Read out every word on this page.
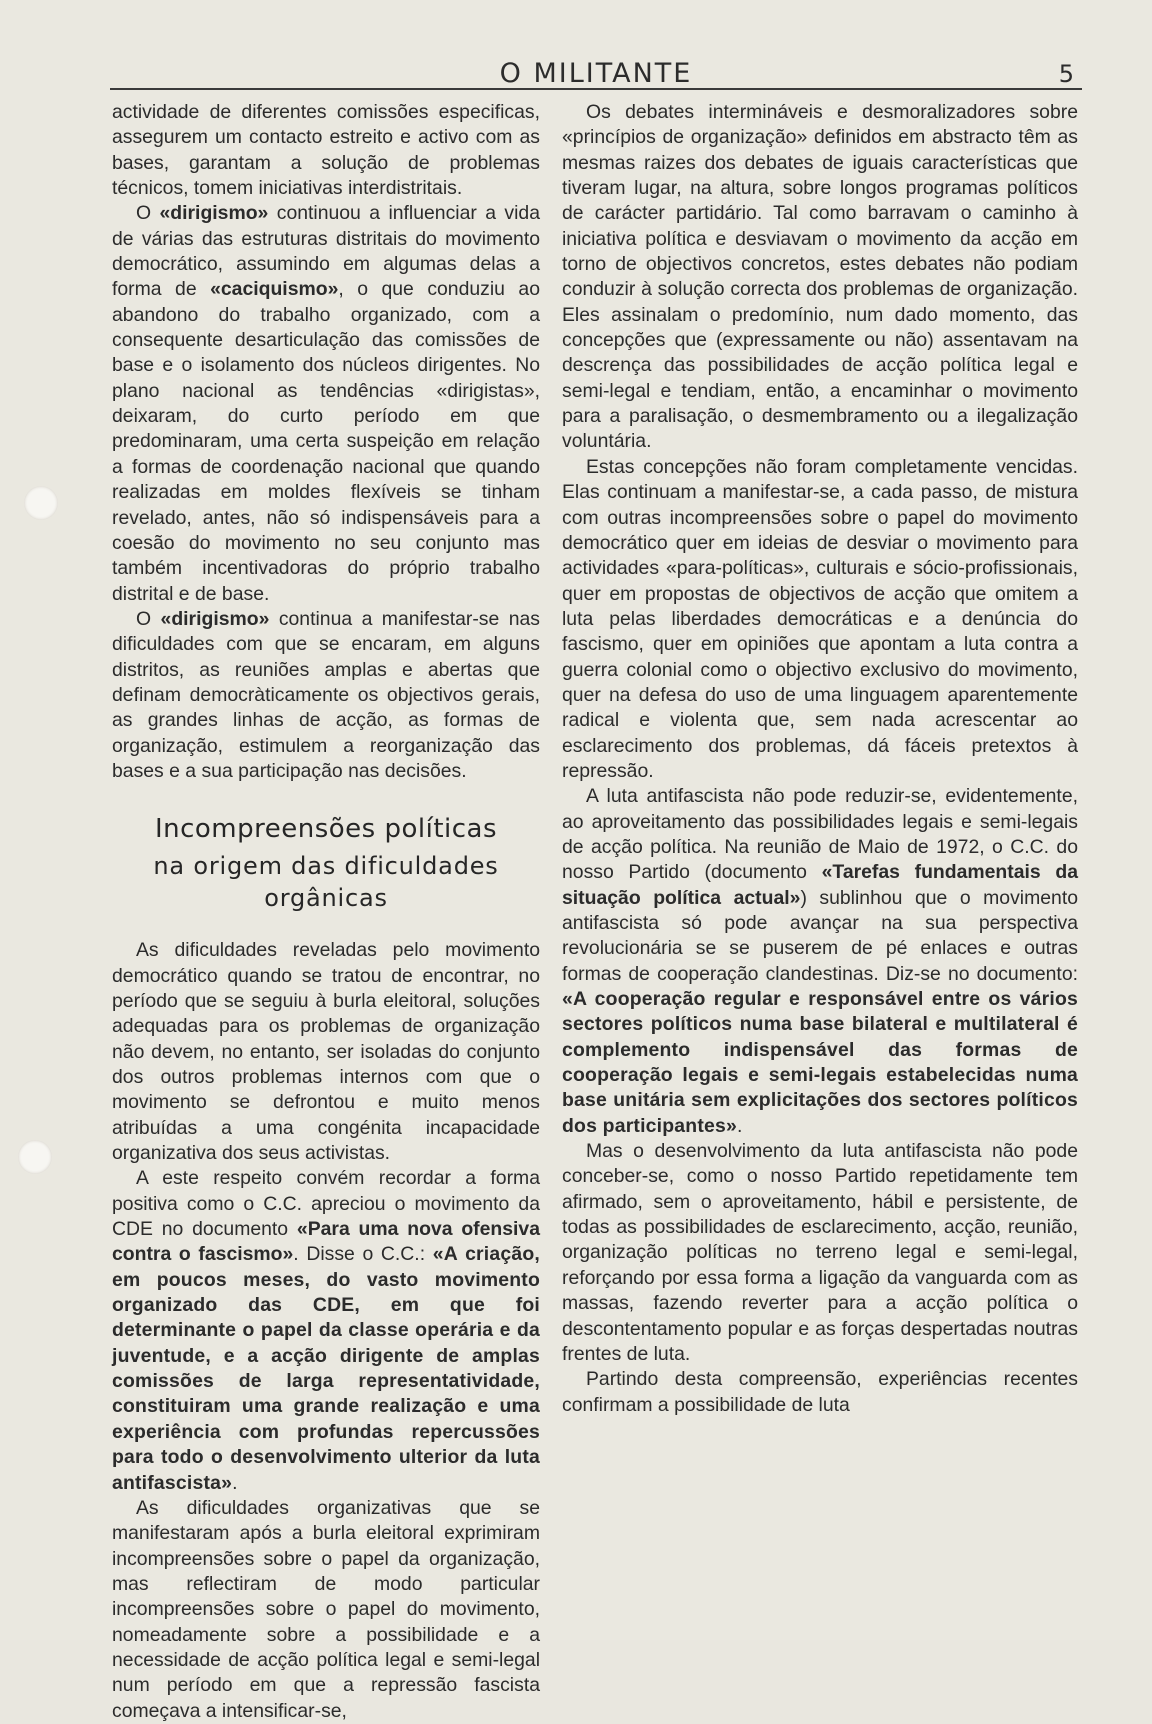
O MILITANTE	5

actividade de diferentes comissões especificas, assegurem um contacto estreito e activo com as bases, garantam a solução de problemas técnicos, tomem iniciativas interdistritais.

O «dirigismo» continuou a influenciar a vida de várias das estruturas distritais do movimento democrático, assumindo em algumas delas a forma de «caciquismo», o que conduziu ao abandono do trabalho organizado, com a consequente desarticulação das comissões de base e o isolamento dos núcleos dirigentes. No plano nacional as tendências «dirigistas», deixaram, do curto período em que predominaram, uma certa suspeição em relação a formas de coordenação nacional que quando realizadas em moldes flexíveis se tinham revelado, antes, não só indispensáveis para a coesão do movimento no seu conjunto mas também incentivadoras do próprio trabalho distrital e de base.

O «dirigismo» continua a manifestar-se nas dificuldades com que se encaram, em alguns distritos, as reuniões amplas e abertas que definam democràticamente os objectivos gerais, as grandes linhas de acção, as formas de organização, estimulem a reorganização das bases e a sua participação nas decisões.

Incompreensões políticas
na origem das dificuldades orgânicas

As dificuldades reveladas pelo movimento democrático quando se tratou de encontrar, no período que se seguiu à burla eleitoral, soluções adequadas para os problemas de organização não devem, no entanto, ser isoladas do conjunto dos outros problemas internos com que o movimento se defrontou e muito menos atribuídas a uma congénita incapacidade organizativa dos seus activistas.

A este respeito convém recordar a forma positiva como o C.C. apreciou o movimento da CDE no documento «Para uma nova ofensiva contra o fascismo». Disse o C.C.: «A criação, em poucos meses, do vasto movimento organizado das CDE, em que foi determinante o papel da classe operária e da juventude, e a acção dirigente de amplas comissões de larga representatividade, constituiram uma grande realização e uma experiência com profundas repercussões para todo o desenvolvimento ulterior da luta antifascista».

As dificuldades organizativas que se manifestaram após a burla eleitoral exprimiram incompreensões sobre o papel da organização, mas reflectiram de modo particular incompreensões sobre o papel do movimento, nomeadamente sobre a possibilidade e a necessidade de acção política legal e semi-legal num período em que a repressão fascista começava a intensificar-se,

Os debates intermináveis e desmoralizadores sobre «princípios de organização» definidos em abstracto têm as mesmas raizes dos debates de iguais características que tiveram lugar, na altura, sobre longos programas políticos de carácter partidário. Tal como barravam o caminho à iniciativa política e desviavam o movimento da acção em torno de objectivos concretos, estes debates não podiam conduzir à solução correcta dos problemas de organização. Eles assinalam o predomínio, num dado momento, das concepções que (expressamente ou não) assentavam na descrença das possibilidades de acção política legal e semi-legal e tendiam, então, a encaminhar o movimento para a paralisação, o desmembramento ou a ilegalização voluntária.

Estas concepções não foram completamente vencidas. Elas continuam a manifestar-se, a cada passo, de mistura com outras incompreensões sobre o papel do movimento democrático quer em ideias de desviar o movimento para actividades «para-políticas», culturais e sócio-profissionais, quer em propostas de objectivos de acção que omitem a luta pelas liberdades democráticas e a denúncia do fascismo, quer em opiniões que apontam a luta contra a guerra colonial como o objectivo exclusivo do movimento, quer na defesa do uso de uma linguagem aparentemente radical e violenta que, sem nada acrescentar ao esclarecimento dos problemas, dá fáceis pretextos à repressão.

A luta antifascista não pode reduzir-se, evidentemente, ao aproveitamento das possibilidades legais e semi-legais de acção política. Na reunião de Maio de 1972, o C.C. do nosso Partido (documento «Tarefas fundamentais da situação política actual») sublinhou que o movimento antifascista só pode avançar na sua perspectiva revolucionária se se puserem de pé enlaces e outras formas de cooperação clandestinas. Diz-se no documento: «A cooperação regular e responsável entre os vários sectores políticos numa base bilateral e multilateral é complemento indispensável das formas de cooperação legais e semi-legais estabelecidas numa base unitária sem explicitações dos sectores políticos dos participantes».

Mas o desenvolvimento da luta antifascista não pode conceber-se, como o nosso Partido repetidamente tem afirmado, sem o aproveitamento, hábil e persistente, de todas as possibilidades de esclarecimento, acção, reunião, organização políticas no terreno legal e semi-legal, reforçando por essa forma a ligação da vanguarda com as massas, fazendo reverter para a acção política o descontentamento popular e as forças despertadas noutras frentes de luta.

Partindo desta compreensão, experiências recentes confirmam a possibilidade de luta
